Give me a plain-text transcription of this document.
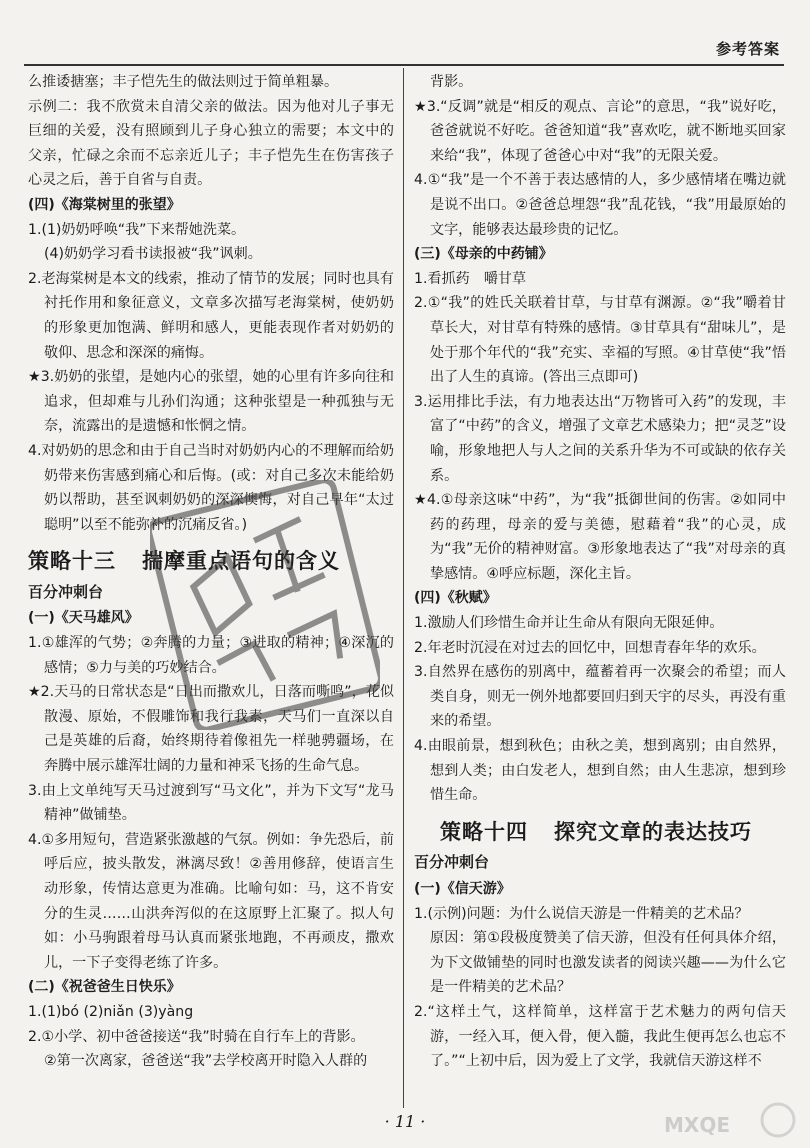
参考答案

么推诿搪塞；丰子恺先生的做法则过于简单粗暴。

示例二：我不欣赏未自清父亲的做法。因为他对儿子事无巨细的关爱，没有照顾到儿子身心独立的需要；本文中的父亲，忙碌之余而不忘亲近儿子；丰子恺先生在伤害孩子心灵之后，善于自省与自责。

(四)《海棠树里的张望》

1.(1)奶奶呼唤“我”下来帮她洗菜。

(4)奶奶学习看书读报被“我”讽刺。

2.老海棠树是本文的线索，推动了情节的发展；同时也具有衬托作用和象征意义，文章多次描写老海棠树，使奶奶的形象更加饱满、鲜明和感人，更能表现作者对奶奶的敬仰、思念和深深的痛悔。

★3.奶奶的张望，是她内心的张望，她的心里有许多向往和追求，但却难与儿孙们沟通；这种张望是一种孤独与无奈，流露出的是遗憾和怅惘之情。

4.对奶奶的思念和由于自己当时对奶奶内心的不理解而给奶奶带来伤害感到痛心和后悔。(或：对自己多次未能给奶奶以帮助，甚至讽刺奶奶的深深懊悔，对自己早年“太过聪明”以至不能弥补的沉痛反省。)

策略十三 揣摩重点语句的含义

百分冲刺台

(一)《天马雄风》

1.①雄浑的气势；②奔腾的力量；③进取的精神；④深沉的感情；⑤力与美的巧妙结合。

★2.天马的日常状态是“日出而撒欢儿，日落而嘶鸣”，花似散漫、原始，不假雕饰和我行我素，天马们一直深以自己是英雄的后裔，始终期待着像祖先一样驰骋疆场，在奔腾中展示雄浑壮阔的力量和神采飞扬的生命气息。

3.由上文单纯写天马过渡到写“马文化”，并为下文写“龙马精神”做铺垫。

4.①多用短句，营造紧张激越的气氛。例如：争先恐后，前呼后应，披头散发，淋漓尽致！②善用修辞，使语言生动形象，传情达意更为准确。比喻句如：马，这不肯安分的生灵……山洪奔泻似的在这原野上汇聚了。拟人句如：小马驹跟着母马认真而紧张地跑，不再顽皮，撒欢儿，一下子变得老练了许多。

(二)《祝爸爸生日快乐》

1.(1)bó (2)niǎn (3)yàng

2.①小学、初中爸爸接送“我”时骑在自行车上的背影。

②第一次离家，爸爸送“我”去学校离开时隐入人群的

背影。

★3.“反调”就是“相反的观点、言论”的意思，“我”说好吃，爸爸就说不好吃。爸爸知道“我”喜欢吃，就不断地买回家来给“我”，体现了爸爸心中对“我”的无限关爱。

4.①“我”是一个不善于表达感情的人，多少感情堵在嘴边就是说不出口。②爸爸总埋怨“我”乱花钱，“我”用最原始的文字，能够表达最珍贵的记忆。

(三)《母亲的中药铺》

1.看抓药　嚼甘草

2.①“我”的姓氏关联着甘草，与甘草有渊源。②“我”嚼着甘草长大，对甘草有特殊的感情。③甘草具有“甜味儿”，是处于那个年代的“我”充实、幸福的写照。④甘草使“我”悟出了人生的真谛。(答出三点即可)

3.运用排比手法，有力地表达出“万物皆可入药”的发现，丰富了“中药”的含义，增强了文章艺术感染力；把“灵芝”设喻，形象地把人与人之间的关系升华为不可或缺的依存关系。

★4.①母亲这味“中药”，为“我”抵御世间的伤害。②如同中药的药理，母亲的爱与美德，慰藉着“我”的心灵，成为“我”无价的精神财富。③形象地表达了“我”对母亲的真挚感情。④呼应标题，深化主旨。

(四)《秋赋》

1.激励人们珍惜生命并让生命从有限向无限延伸。

2.年老时沉浸在对过去的回忆中，回想青春年华的欢乐。

3.自然界在感伤的别离中，蕴蓄着再一次聚会的希望；而人类自身，则无一例外地都要回归到天宇的尽头，再没有重来的希望。

4.由眼前景，想到秋色；由秋之美，想到离别；由自然界，想到人类；由白发老人，想到自然；由人生悲凉，想到珍惜生命。

策略十四 探究文章的表达技巧

百分冲刺台

(一)《信天游》

1.(示例)问题：为什么说信天游是一件精美的艺术品？

原因：第①段极度赞美了信天游，但没有任何具体介绍，为下文做铺垫的同时也激发读者的阅读兴趣——为什么它是一件精美的艺术品？

2.“这样土气，这样简单，这样富于艺术魅力的两句信天游，一经入耳，便入骨，便入髓，我此生便再怎么也忘不了。”“上初中后，因为爱上了文学，我就信天游这样不

· 11 ·	MXQE
